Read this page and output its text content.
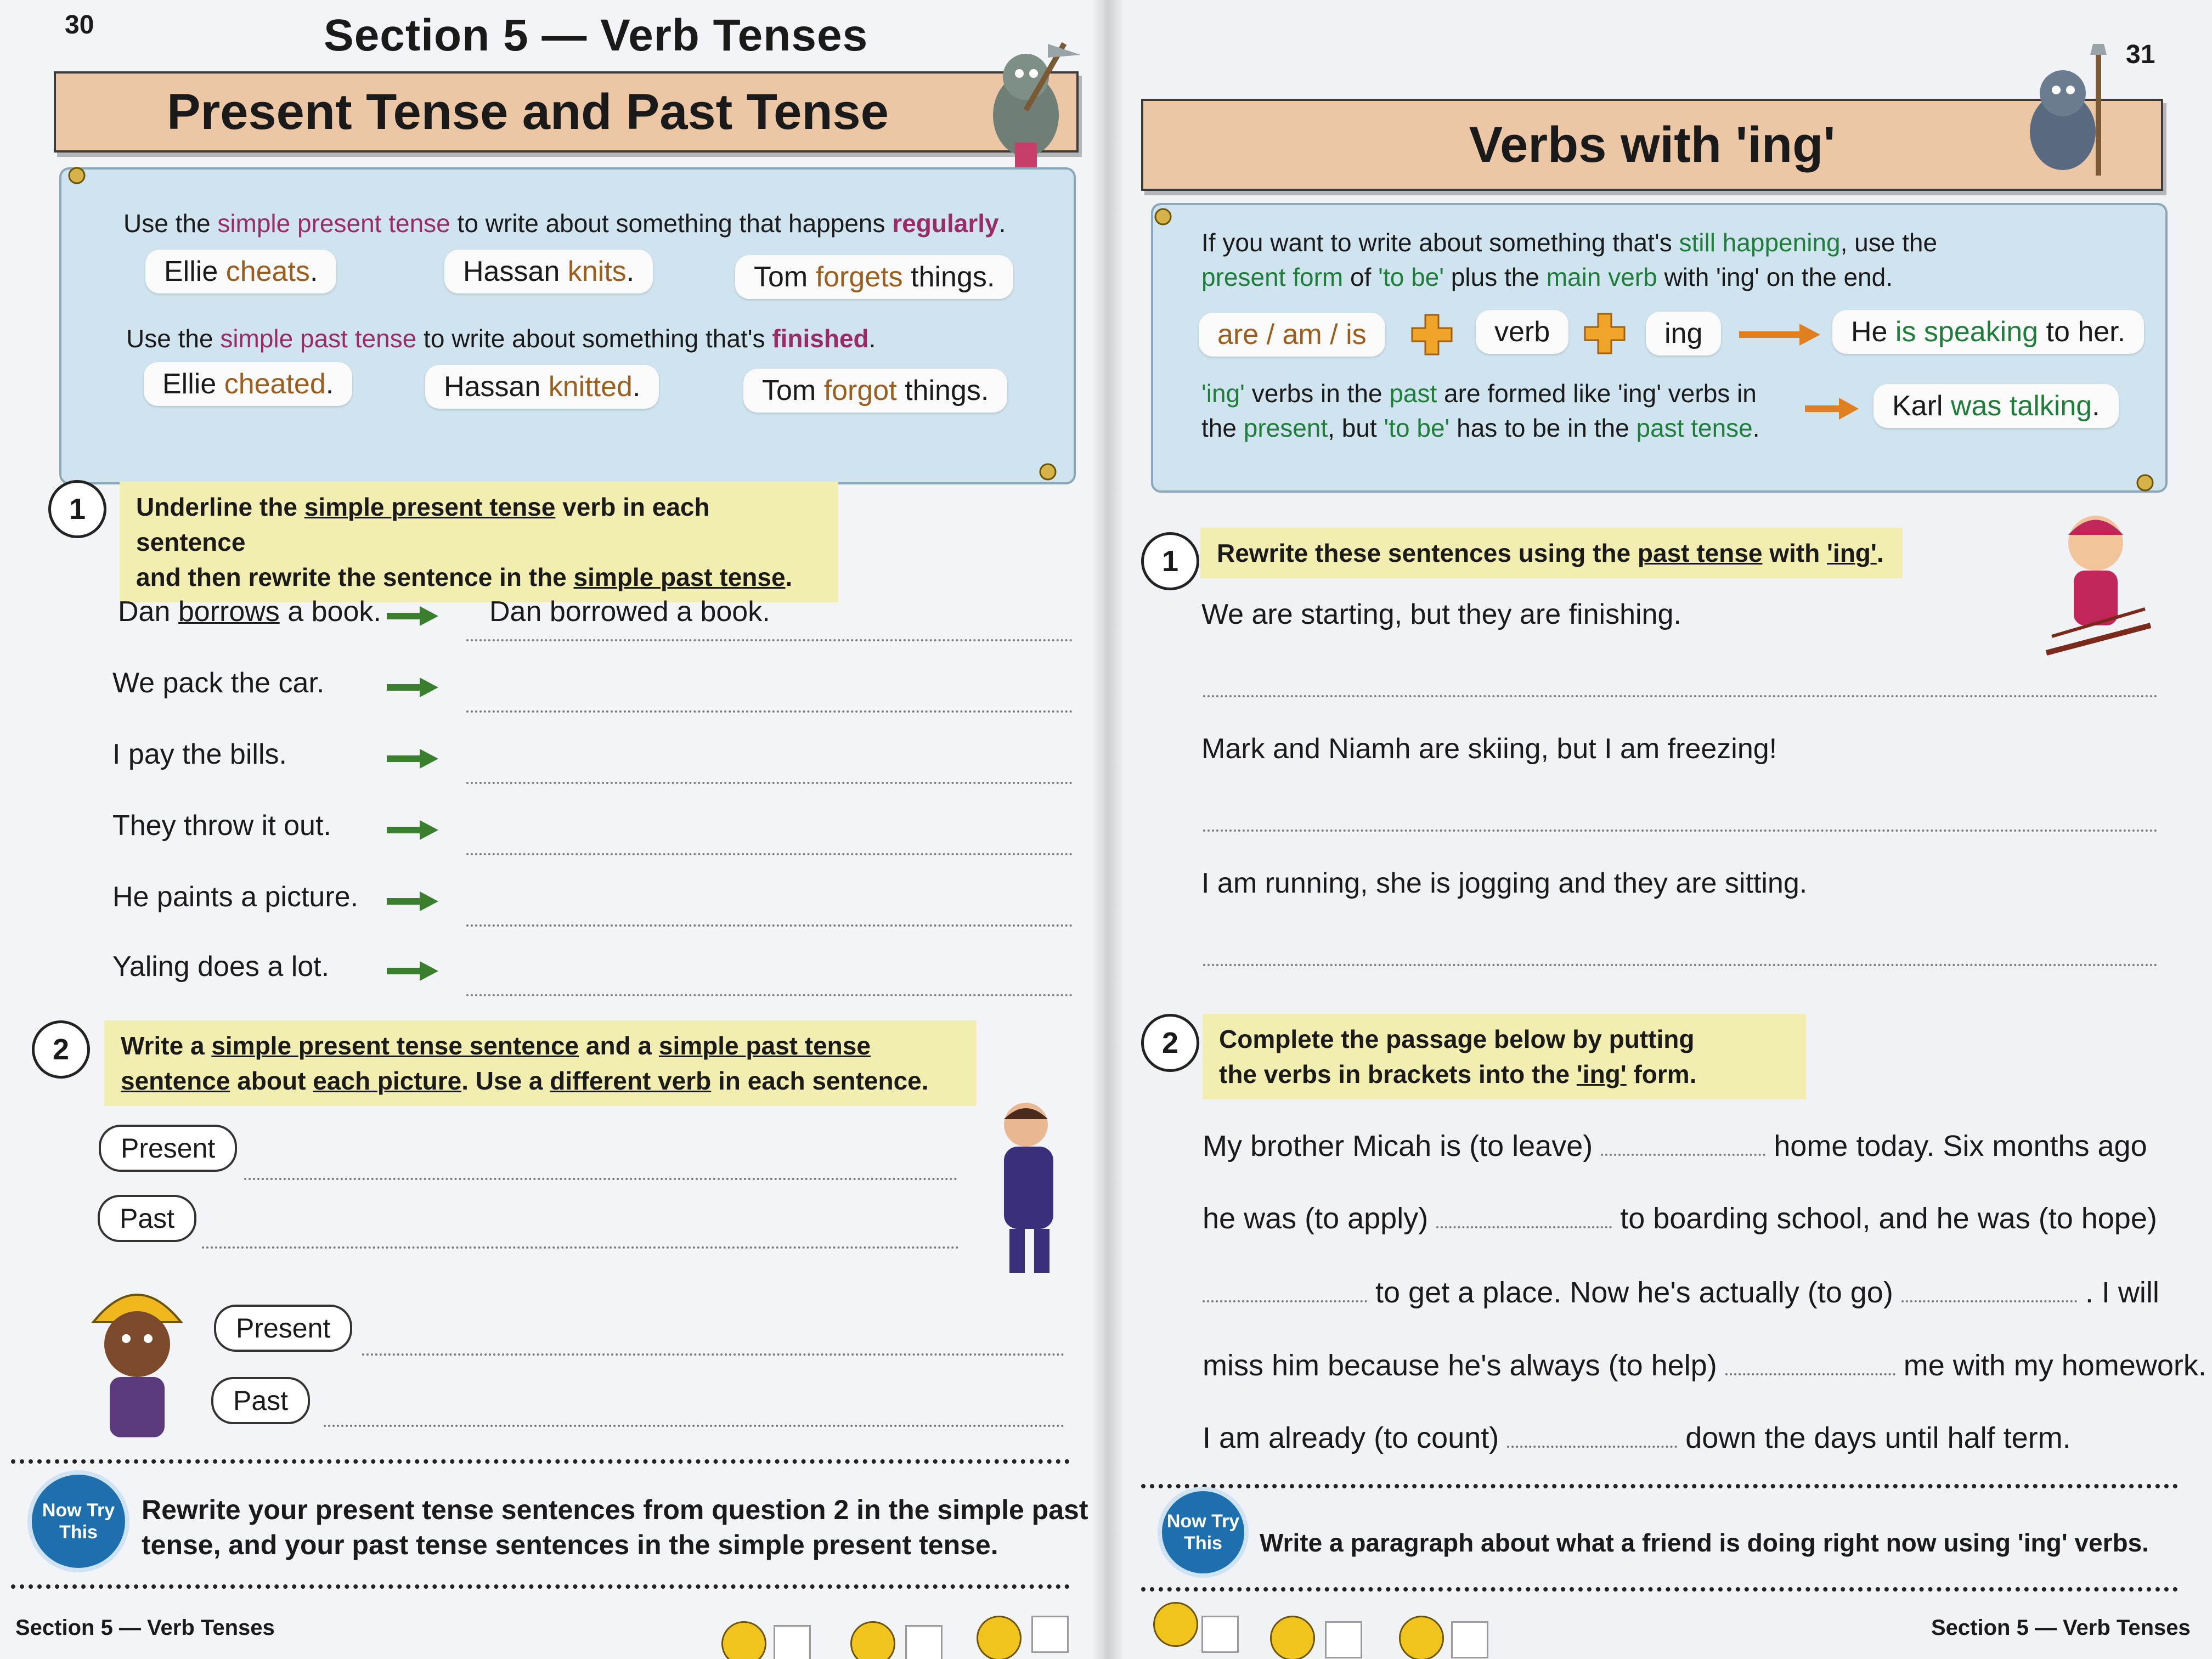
30	Section 5 — Verb Tenses
Present Tense and Past Tense
Use the simple present tense to write about something that happens regularly.
Ellie cheats.	Hassan knits.	Tom forgets things.
Use the simple past tense to write about something that's finished.
Ellie cheated.	Hassan knitted.	Tom forgot things.
1	Underline the simple present tense verb in each sentence
and then rewrite the sentence in the simple past tense.
Dan borrows a book.	Dan borrowed a book.
We pack the car.
I pay the bills.
They throw it out.
He paints a picture.
Yaling does a lot.
2	Write a simple present tense sentence and a simple past tense
sentence about each picture. Use a different verb in each sentence.
Present
Past
Present
Past
Now Try
This
Rewrite your present tense sentences from question 2 in the simple past
tense, and your past tense sentences in the simple present tense.
Section 5 — Verb Tenses
31
Verbs with 'ing'
If you want to write about something that's still happening, use the
present form of 'to be' plus the main verb with 'ing' on the end.
are / am / is	verb	ing	He is speaking to her.
'ing' verbs in the past are formed like 'ing' verbs in
the present, but 'to be' has to be in the past tense.
Karl was talking.
1	Rewrite these sentences using the past tense with 'ing'.
We are starting, but they are finishing.
Mark and Niamh are skiing, but I am freezing!
I am running, she is jogging and they are sitting.
2	Complete the passage below by putting
the verbs in brackets into the 'ing' form.
My brother Micah is (to leave)	home today. Six months ago
he was (to apply)	to boarding school, and he was (to hope)
to get a place. Now he's actually (to go)	. I will
miss him because he's always (to help)	me with my homework.
I am already (to count)	down the days until half term.
Now Try
This Write a paragraph about what a friend is doing right now using 'ing' verbs.
Section 5 — Verb Tenses
